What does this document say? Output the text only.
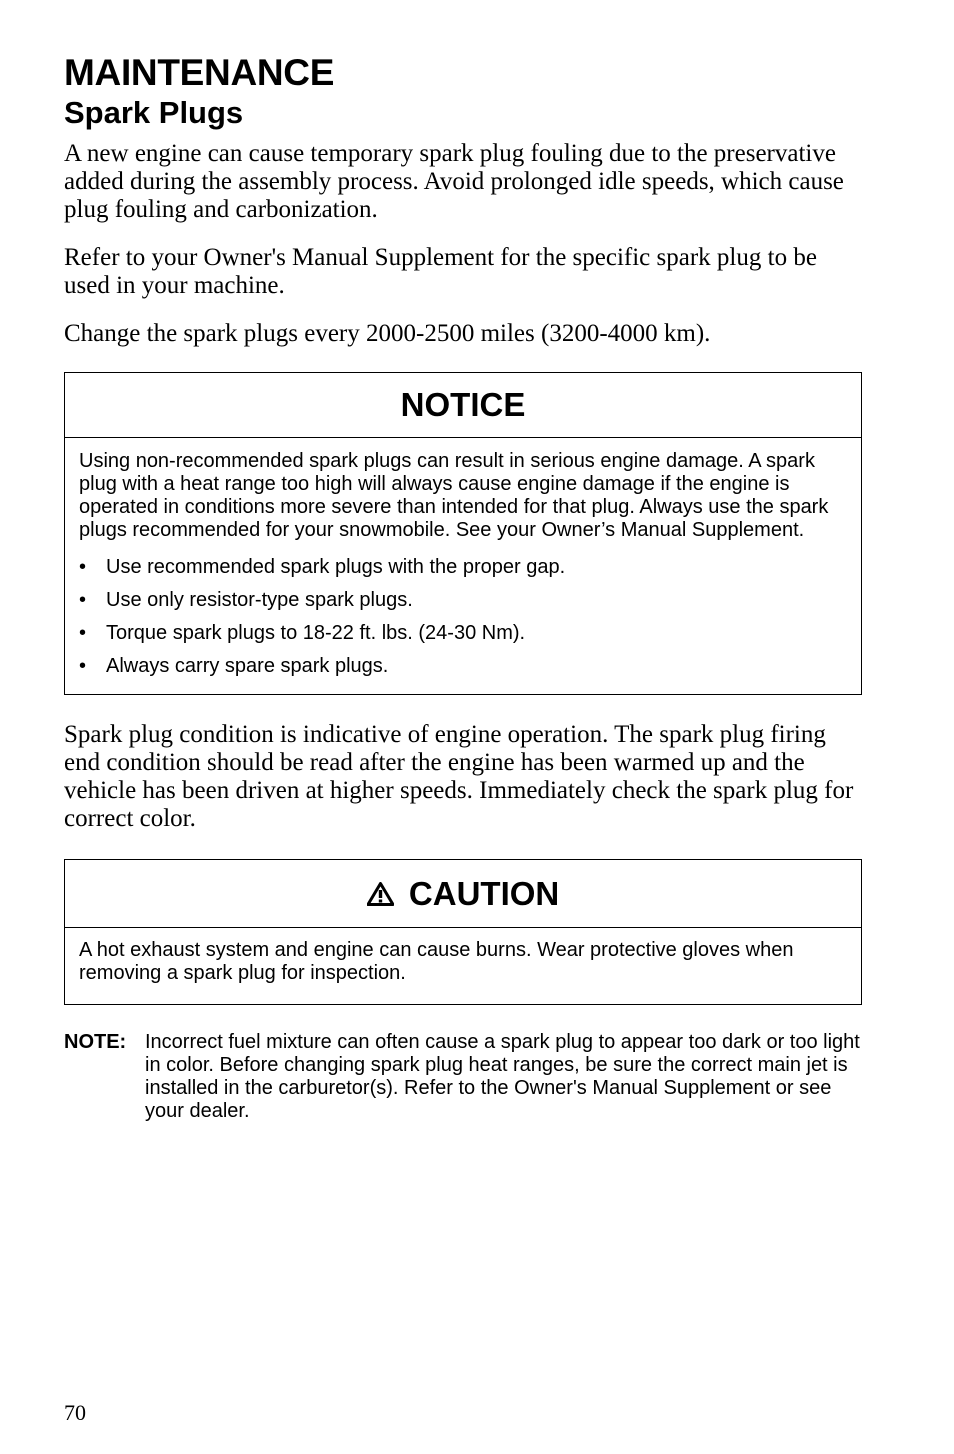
MAINTENANCE
Spark Plugs

A new engine can cause temporary spark plug fouling due to the preservative added during the assembly process. Avoid prolonged idle speeds, which cause plug fouling and carbonization.

Refer to your Owner's Manual Supplement for the specific spark plug to be used in your machine.

Change the spark plugs every 2000-2500 miles (3200-4000 km).

NOTICE

Using non-recommended spark plugs can result in serious engine damage. A spark plug with a heat range too high will always cause engine damage if the engine is operated in conditions more severe than intended for that plug. Always use the spark plugs recommended for your snowmobile. See your Owner’s Manual Supplement.

• Use recommended spark plugs with the proper gap.
• Use only resistor-type spark plugs.
• Torque spark plugs to 18-22 ft. lbs. (24-30 Nm).
• Always carry spare spark plugs.

Spark plug condition is indicative of engine operation. The spark plug firing end condition should be read after the engine has been warmed up and the vehicle has been driven at higher speeds. Immediately check the spark plug for correct color.

CAUTION

A hot exhaust system and engine can cause burns. Wear protective gloves when removing a spark plug for inspection.

NOTE: Incorrect fuel mixture can often cause a spark plug to appear too dark or too light in color. Before changing spark plug heat ranges, be sure the correct main jet is installed in the carburetor(s). Refer to the Owner's Manual Supplement or see your dealer.
70
